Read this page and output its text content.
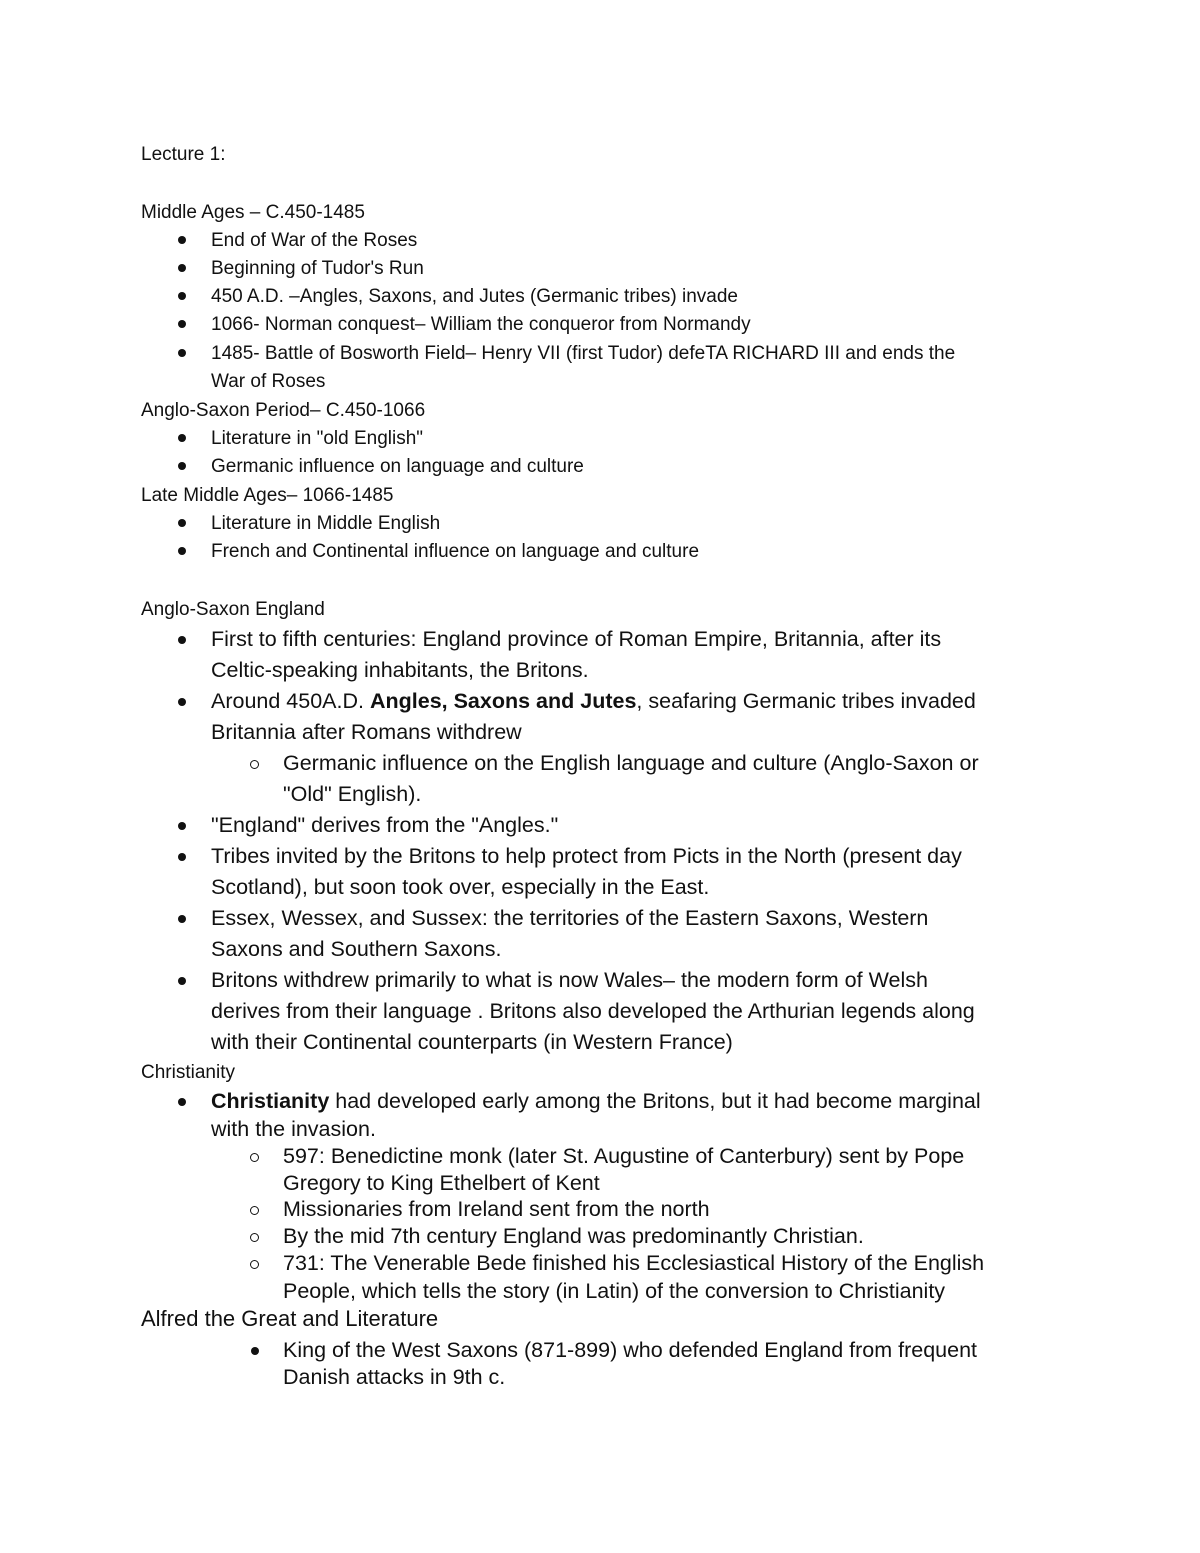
Lecture 1:
Middle Ages – C.450-1485
End of War of the Roses
Beginning of Tudor's Run
450 A.D. –Angles, Saxons, and Jutes (Germanic tribes) invade
1066- Norman conquest– William the conqueror from Normandy
1485- Battle of Bosworth Field– Henry VII (first Tudor) defeTA RICHARD III and ends the
War of Roses
Anglo-Saxon Period– C.450-1066
Literature in "old English"
Germanic influence on language and culture
Late Middle Ages– 1066-1485
Literature in Middle English
French and Continental influence on language and culture
Anglo-Saxon England
First to fifth centuries: England province of Roman Empire, Britannia, after its
Celtic-speaking inhabitants, the Britons.
Around 450A.D. Angles, Saxons and Jutes, seafaring Germanic tribes invaded
Britannia after Romans withdrew
Germanic influence on the English language and culture (Anglo-Saxon or
"Old" English).
"England" derives from the "Angles."
Tribes invited by the Britons to help protect from Picts in the North (present day
Scotland), but soon took over, especially in the East.
Essex, Wessex, and Sussex: the territories of the Eastern Saxons, Western
Saxons and Southern Saxons.
Britons withdrew primarily to what is now Wales– the modern form of Welsh
derives from their language . Britons also developed the Arthurian legends along
with their Continental counterparts (in Western France)
Christianity
Christianity had developed early among the Britons, but it had become marginal
with the invasion.
597: Benedictine monk (later St. Augustine of Canterbury) sent by Pope
Gregory to King Ethelbert of Kent
Missionaries from Ireland sent from the north
By the mid 7th century England was predominantly Christian.
731: The Venerable Bede finished his Ecclesiastical History of the English
People, which tells the story (in Latin) of the conversion to Christianity
Alfred the Great and Literature
King of the West Saxons (871-899) who defended England from frequent
Danish attacks in 9th c.
